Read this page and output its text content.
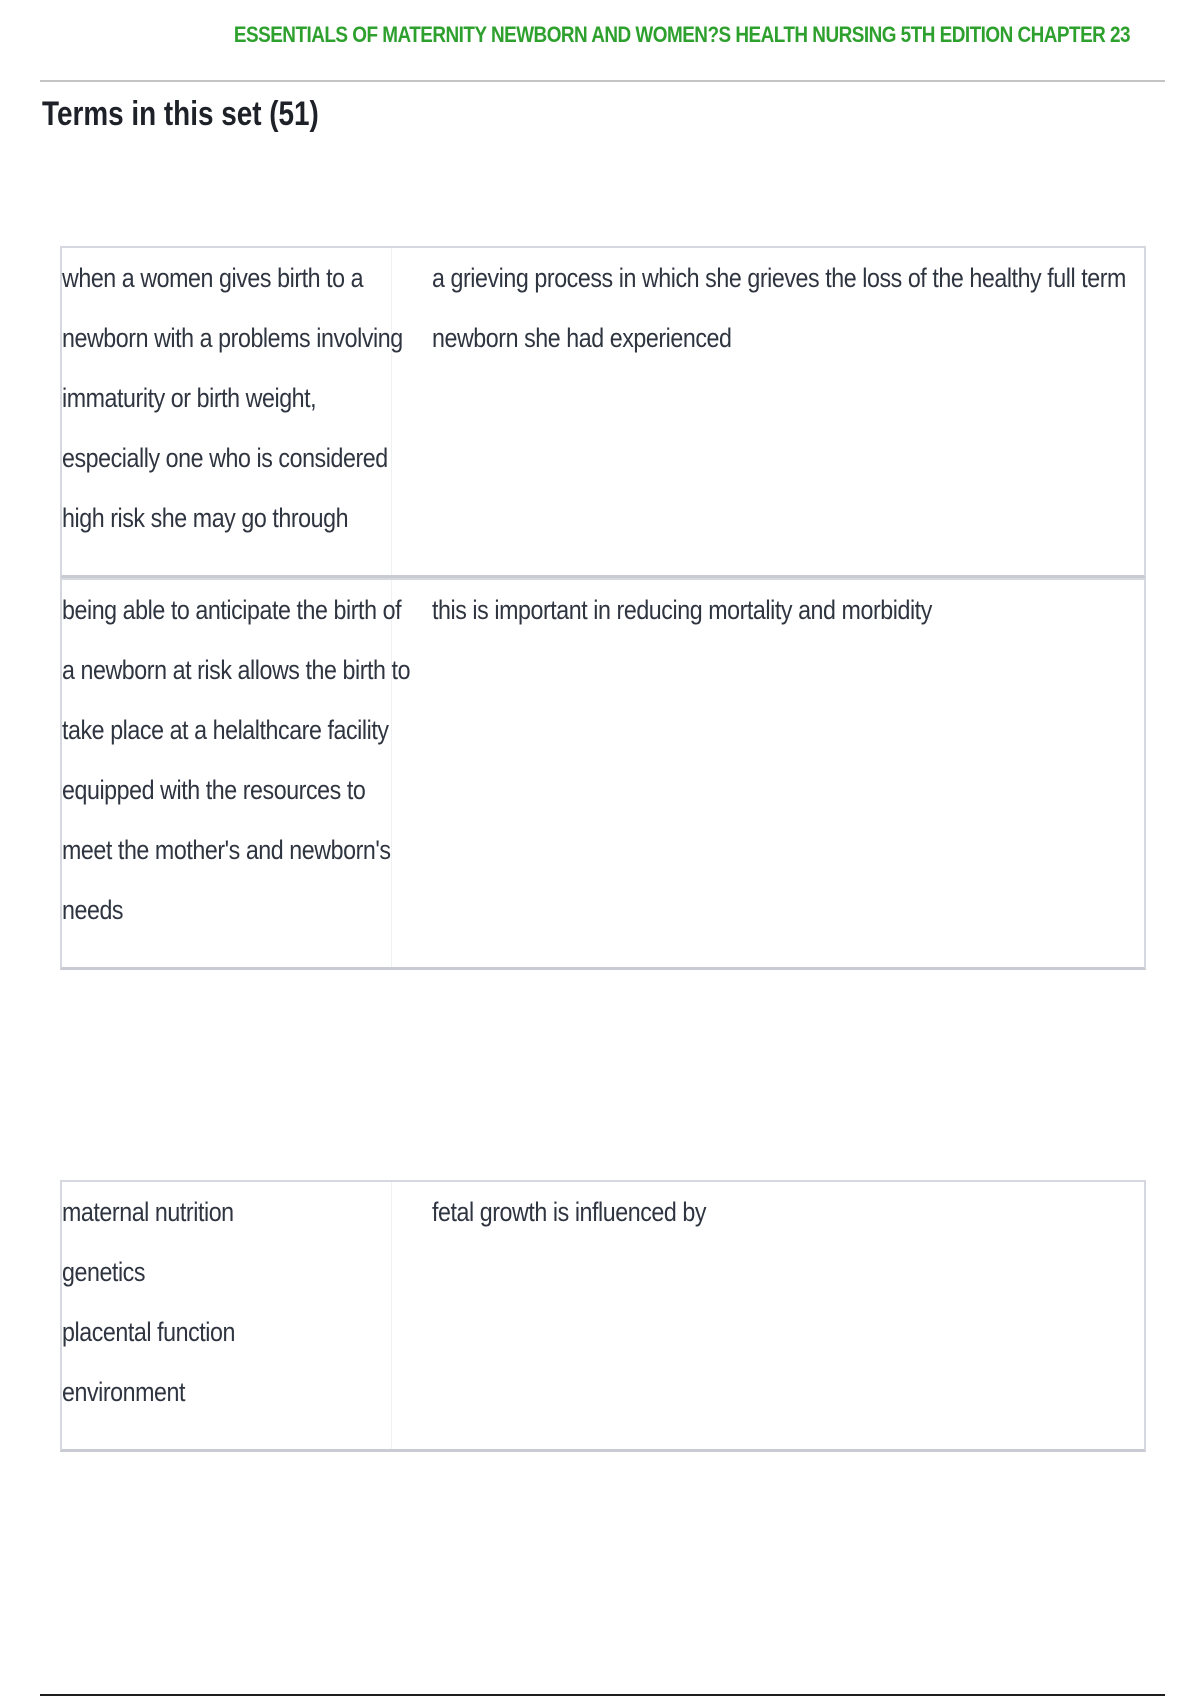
ESSENTIALS OF MATERNITY NEWBORN AND WOMEN?S HEALTH NURSING 5TH EDITION CHAPTER 23
Terms in this set (51)
when a women gives birth to a
newborn with a problems involving
immaturity or birth weight,
especially one who is considered
high risk she may go through
a grieving process in which she grieves the loss of the healthy full term
newborn she had experienced
being able to anticipate the birth of
a newborn at risk allows the birth to
take place at a helalthcare facility
equipped with the resources to
meet the mother's and newborn's
needs
this is important in reducing mortality and morbidity
maternal nutrition
genetics
placental function
environment
fetal growth is influenced by
